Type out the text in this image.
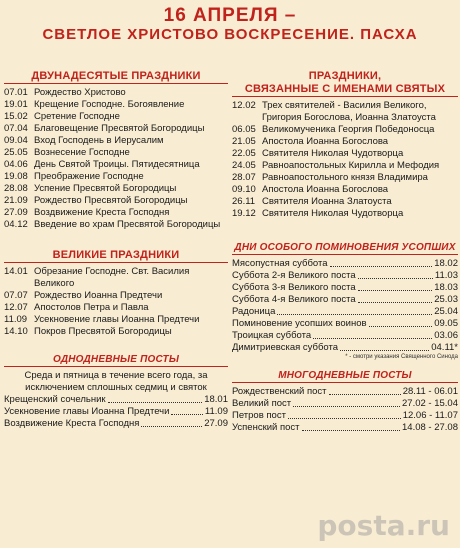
16 АПРЕЛЯ –
СВЕТЛОЕ ХРИСТОВО ВОСКРЕСЕНИЕ. ПАСХА
ДВУНАДЕСЯТЫЕ ПРАЗДНИКИ
07.01 Рождество Христово
19.01 Крещение Господне. Богоявление
15.02 Сретение Господне
07.04 Благовещение Пресвятой Богородицы
09.04 Вход Господень в Иерусалим
25.05 Вознесение Господне
04.06 День Святой Троицы. Пятидесятница
19.08 Преображение Господне
28.08 Успение Пресвятой Богородицы
21.09 Рождество Пресвятой Богородицы
27.09 Воздвижение Креста Господня
04.12 Введение во храм Пресвятой Богородицы
ВЕЛИКИЕ ПРАЗДНИКИ
14.01 Обрезание Господне. Свт. Василия Великого
07.07 Рождество Иоанна Предтечи
12.07 Апостолов Петра и Павла
11.09 Усекновение главы Иоанна Предтечи
14.10 Покров Пресвятой Богородицы
ОДНОДНЕВНЫЕ ПОСТЫ
Среда и пятница в течение всего года, за исключением сплошных седмиц и святок
Крещенский сочельник	18.01
Усекновение главы Иоанна Предтечи	11.09
Воздвижение Креста Господня	27.09
ПРАЗДНИКИ,
СВЯЗАННЫЕ С ИМЕНАМИ СВЯТЫХ
12.02 Трех святителей - Василия Великого, Григория Богослова, Иоанна Златоуста
06.05 Великомученика Георгия Победоносца
21.05 Апостола Иоанна Богослова
22.05 Святителя Николая Чудотворца
24.05 Равноапостольных Кирилла и Мефодия
28.07 Равноапостольного князя Владимира
09.10 Апостола Иоанна Богослова
26.11 Святителя Иоанна Златоуста
19.12 Святителя Николая Чудотворца
ДНИ ОСОБОГО ПОМИНОВЕНИЯ УСОПШИХ
Мясопустная суббота	18.02
Суббота 2-я Великого поста	11.03
Суббота 3-я Великого поста	18.03
Суббота 4-я Великого поста	25.03
Радоница	25.04
Поминовение усопших воинов	09.05
Троицкая суббота	03.06
Димитриевская суббота	04.11*
* - смотри указания Священного Синода
МНОГОДНЕВНЫЕ ПОСТЫ
Рождественский пост	28.11 - 06.01
Великий пост	27.02 - 15.04
Петров пост	12.06 - 11.07
Успенский пост	14.08 - 27.08
posta.ru
